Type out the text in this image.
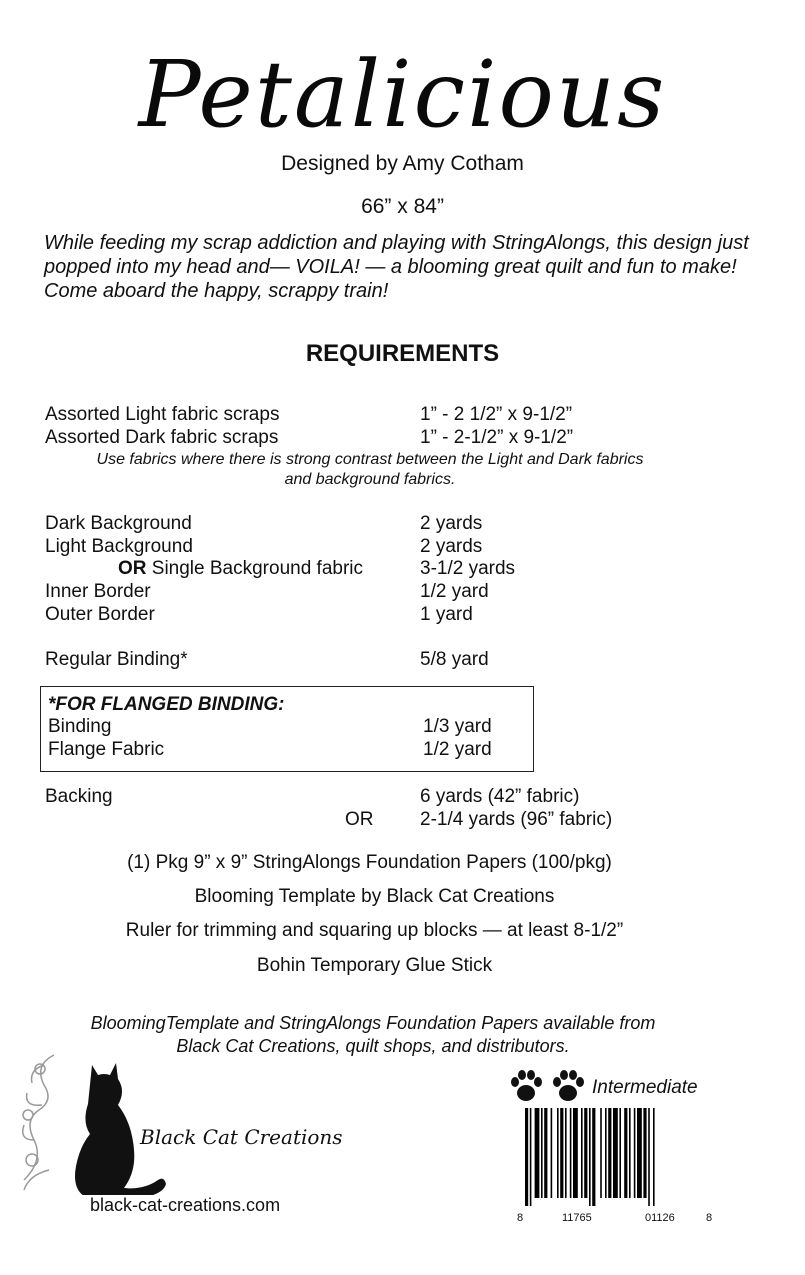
Petalicious
Designed by Amy Cotham
66” x 84”
While feeding my scrap addiction and playing with StringAlongs, this design just popped into my head and— VOILA! — a blooming great quilt and fun to make! Come aboard the happy, scrappy train!
REQUIREMENTS
Assorted Light fabric scraps	1” - 2 1/2” x 9-1/2”
Assorted Dark fabric scraps	1” - 2-1/2” x 9-1/2”
Use fabrics where there is strong contrast between the Light and Dark fabrics
and background fabrics.
Dark Background	2 yards
Light Background	2 yards
OR Single Background fabric	3-1/2 yards
Inner Border	1/2 yard
Outer Border	1 yard
Regular Binding*	5/8 yard
*FOR FLANGED BINDING:
Binding	1/3 yard
Flange Fabric	1/2 yard
Backing	6 yards (42” fabric)
OR 2-1/4 yards (96” fabric)
(1) Pkg 9” x 9” StringAlongs Foundation Papers (100/pkg)
Blooming Template by Black Cat Creations
Ruler for trimming and squaring up blocks — at least 8-1/2”
Bohin Temporary Glue Stick
BloomingTemplate and StringAlongs Foundation Papers available from
Black Cat Creations, quilt shops, and distributors.
Black Cat Creations
black-cat-creations.com
Intermediate
8	11765	01126	8
